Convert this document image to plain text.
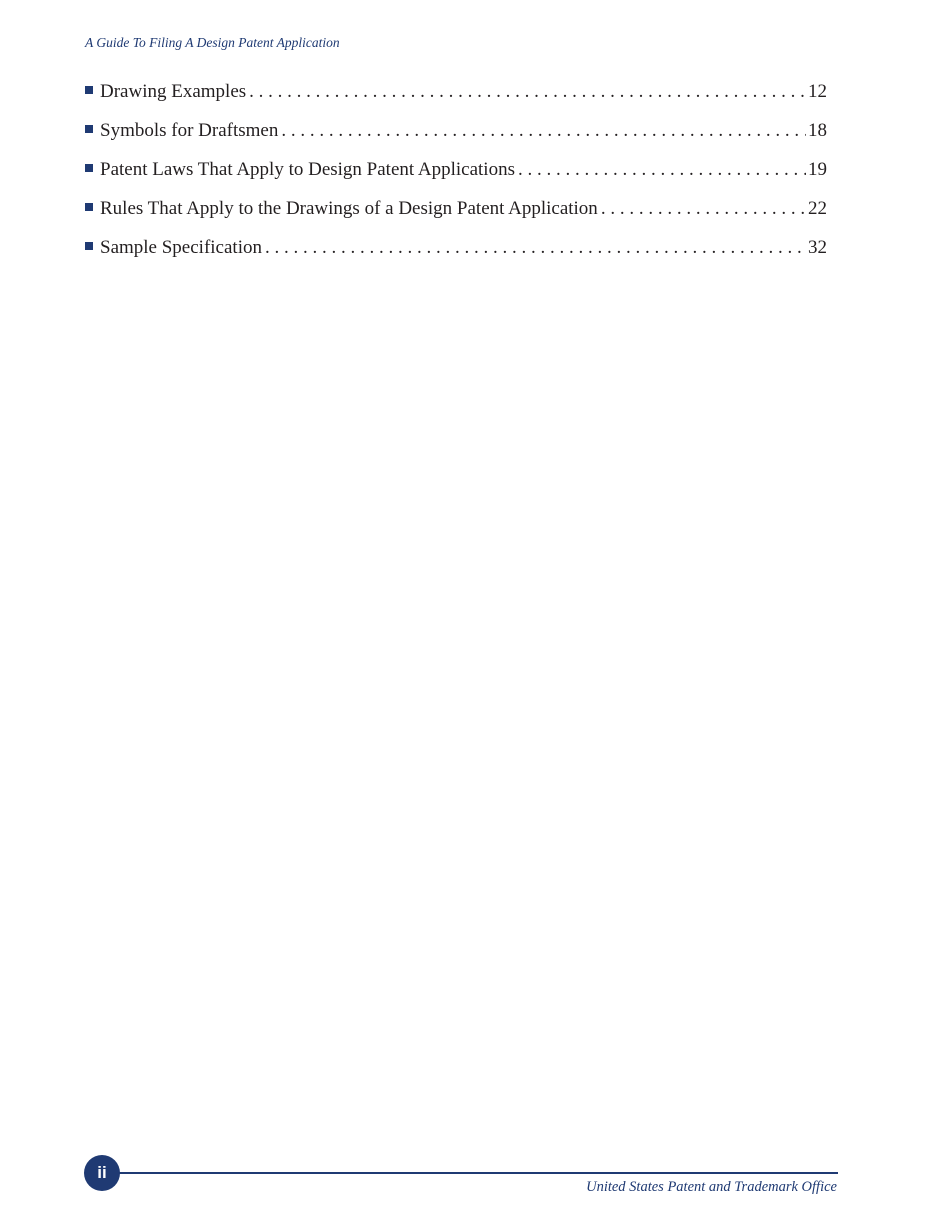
A Guide To Filing A Design Patent Application
Drawing Examples . . .	12
Symbols for Draftsmen . . .	18
Patent Laws That Apply to Design Patent Applications . . .	19
Rules That Apply to the Drawings of a Design Patent Application . . .	22
Sample Specification . . .	32
ii
United States Patent and Trademark Office
